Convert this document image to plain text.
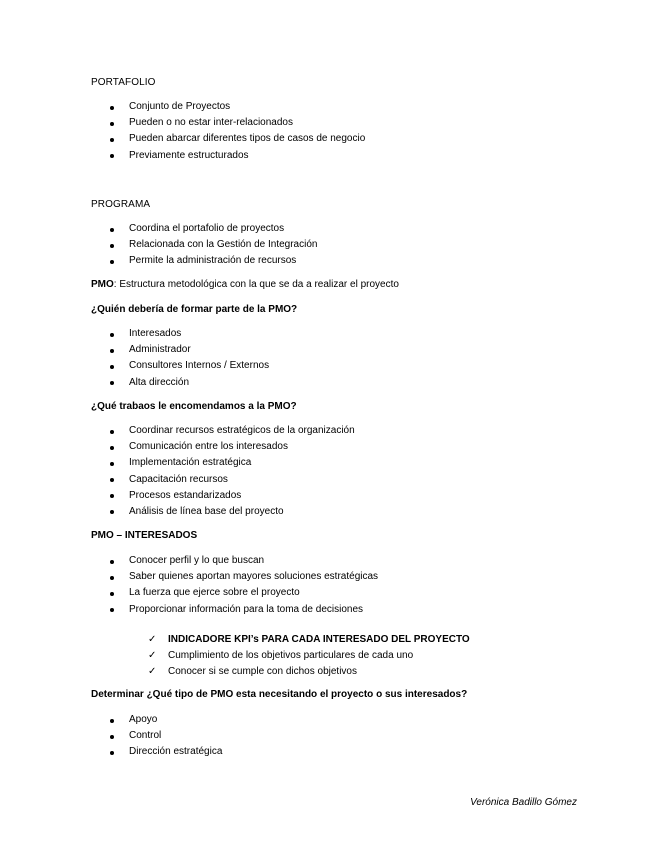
PORTAFOLIO
Conjunto de Proyectos
Pueden o no estar inter-relacionados
Pueden abarcar diferentes tipos de casos de negocio
Previamente estructurados
PROGRAMA
Coordina el portafolio de proyectos
Relacionada con la Gestión de Integración
Permite la administración de recursos
PMO: Estructura metodológica con la que se da a realizar el proyecto
¿Quién debería de formar parte de la PMO?
Interesados
Administrador
Consultores Internos / Externos
Alta dirección
¿Qué trabaos le encomendamos a la PMO?
Coordinar recursos estratégicos de la organización
Comunicación entre los interesados
Implementación estratégica
Capacitación recursos
Procesos estandarizados
Análisis de línea base del proyecto
PMO – INTERESADOS
Conocer perfil y lo que buscan
Saber quienes aportan mayores soluciones estratégicas
La fuerza que ejerce sobre el proyecto
Proporcionar información para la toma de decisiones
✓ INDICADORE KPI’s PARA CADA INTERESADO DEL PROYECTO
✓ Cumplimiento de los objetivos particulares de cada uno
✓ Conocer si se cumple con dichos objetivos
Determinar ¿Qué tipo de PMO esta necesitando el proyecto o sus interesados?
Apoyo
Control
Dirección estratégica
Verónica Badillo Gómez
